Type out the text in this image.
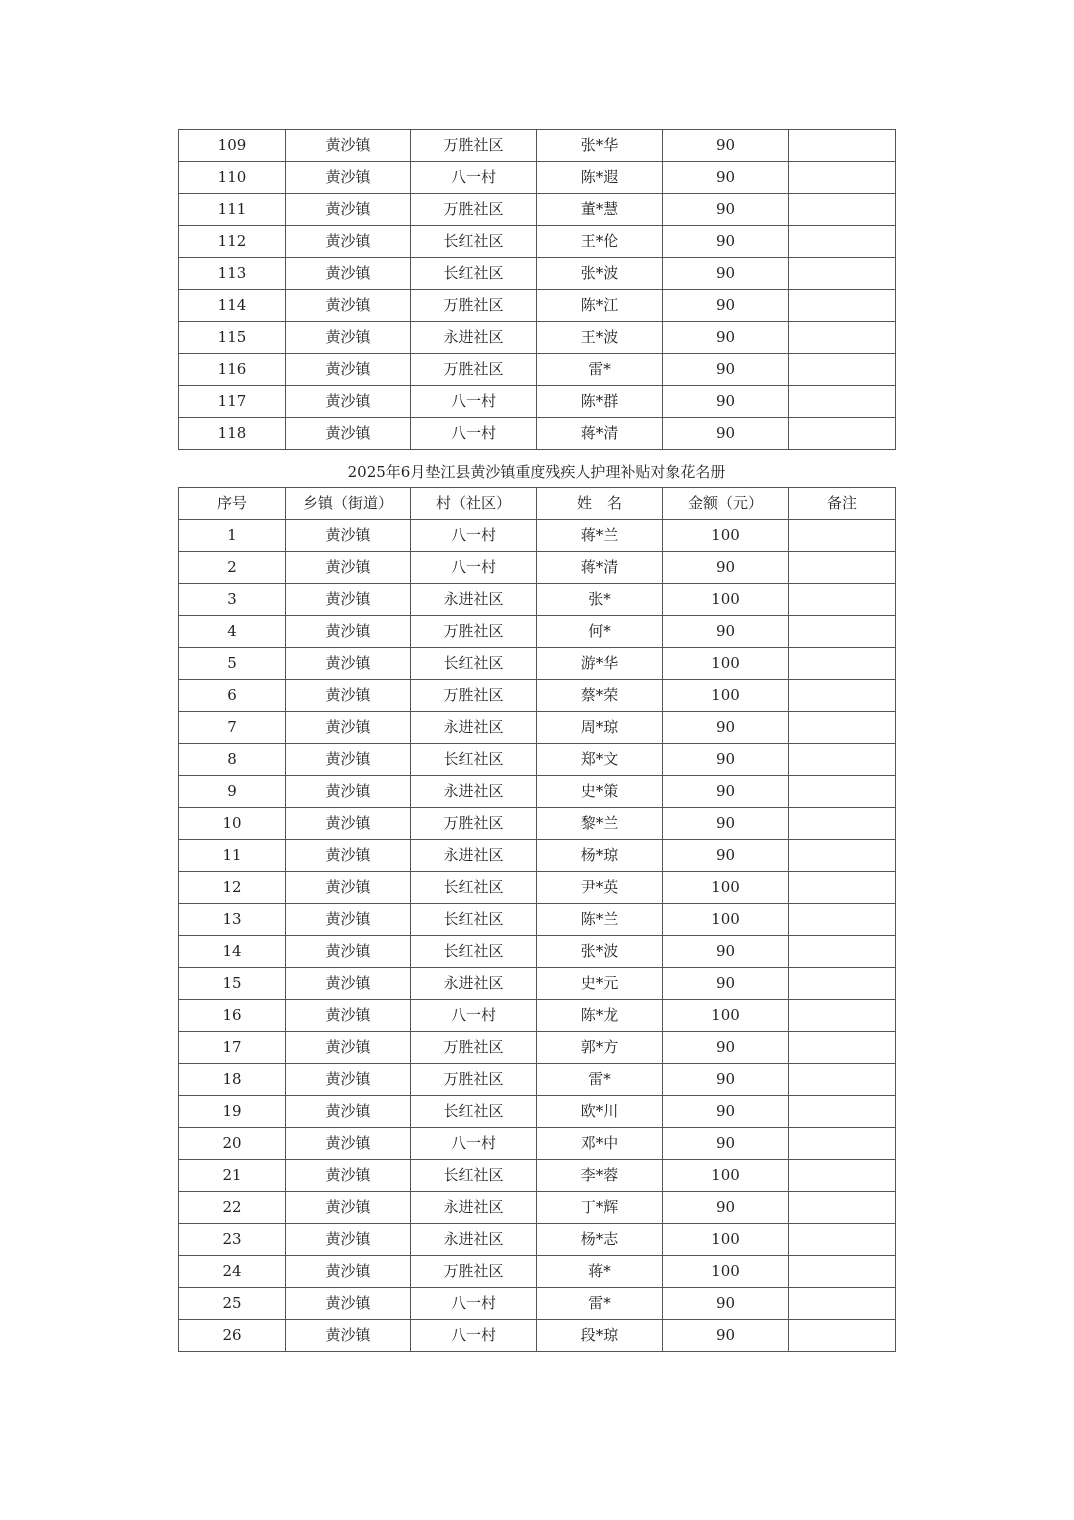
109	黄沙镇	万胜社区	张*华	90	
110	黄沙镇	八一村	陈*遐	90	
111	黄沙镇	万胜社区	董*慧	90	
112	黄沙镇	长红社区	王*伦	90	
113	黄沙镇	长红社区	张*波	90	
114	黄沙镇	万胜社区	陈*江	90	
115	黄沙镇	永进社区	王*波	90	
116	黄沙镇	万胜社区	雷*	90	
117	黄沙镇	八一村	陈*群	90	
118	黄沙镇	八一村	蒋*清	90	
2025年6月垫江县黄沙镇重度残疾人护理补贴对象花名册
序号	乡镇（街道）	村（社区）	姓　名	金额（元）	备注
1	黄沙镇	八一村	蒋*兰	100	
2	黄沙镇	八一村	蒋*清	90	
3	黄沙镇	永进社区	张*	100	
4	黄沙镇	万胜社区	何*	90	
5	黄沙镇	长红社区	游*华	100	
6	黄沙镇	万胜社区	蔡*荣	100	
7	黄沙镇	永进社区	周*琼	90	
8	黄沙镇	长红社区	郑*文	90	
9	黄沙镇	永进社区	史*策	90	
10	黄沙镇	万胜社区	黎*兰	90	
11	黄沙镇	永进社区	杨*琼	90	
12	黄沙镇	长红社区	尹*英	100	
13	黄沙镇	长红社区	陈*兰	100	
14	黄沙镇	长红社区	张*波	90	
15	黄沙镇	永进社区	史*元	90	
16	黄沙镇	八一村	陈*龙	100	
17	黄沙镇	万胜社区	郭*方	90	
18	黄沙镇	万胜社区	雷*	90	
19	黄沙镇	长红社区	欧*川	90	
20	黄沙镇	八一村	邓*中	90	
21	黄沙镇	长红社区	李*蓉	100	
22	黄沙镇	永进社区	丁*辉	90	
23	黄沙镇	永进社区	杨*志	100	
24	黄沙镇	万胜社区	蒋*	100	
25	黄沙镇	八一村	雷*	90	
26	黄沙镇	八一村	段*琼	90	
